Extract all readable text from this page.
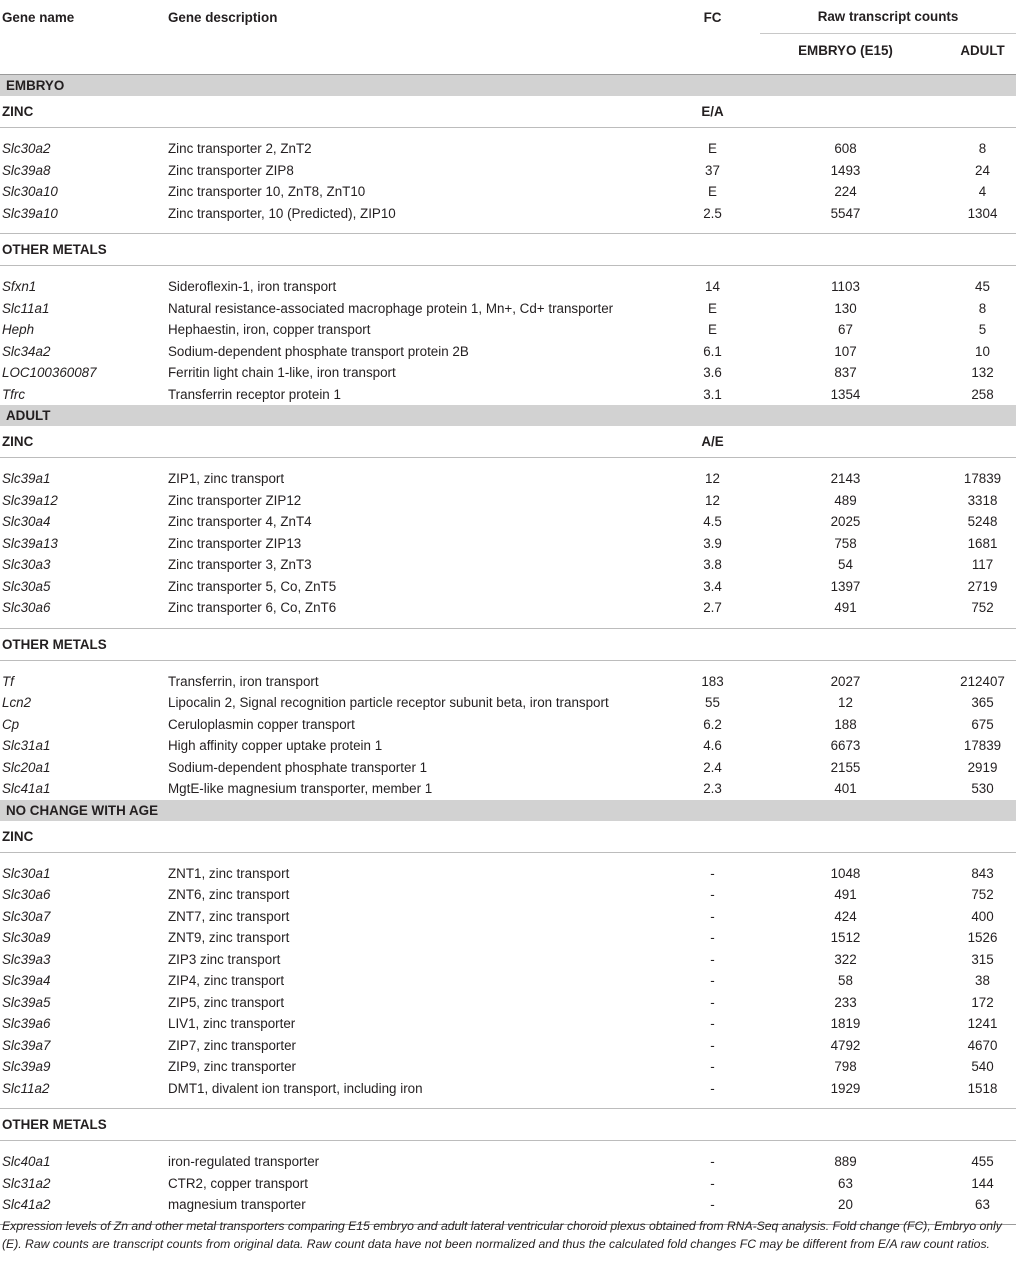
Gene name	Gene description	FC	Raw transcript counts	
			EMBRYO (E15)	ADULT

EMBRYO				
ZINC		E/A		

Slc30a2	Zinc transporter 2, ZnT2	E	608	8
Slc39a8	Zinc transporter ZIP8	37	1493	24
Slc30a10	Zinc transporter 10, ZnT8, ZnT10	E	224	4
Slc39a10	Zinc transporter, 10 (Predicted), ZIP10	2.5	5547	1304

OTHER METALS				

Sfxn1	Sideroflexin-1, iron transport	14	1103	45
Slc11a1	Natural resistance-associated macrophage protein 1, Mn+, Cd+ transporter	E	130	8
Heph	Hephaestin, iron, copper transport	E	67	5
Slc34a2	Sodium-dependent phosphate transport protein 2B	6.1	107	10
LOC100360087	Ferritin light chain 1-like, iron transport	3.6	837	132
Tfrc	Transferrin receptor protein 1	3.1	1354	258
ADULT				
ZINC		A/E		

Slc39a1	ZIP1, zinc transport	12	2143	17839
Slc39a12	Zinc transporter ZIP12	12	489	3318
Slc30a4	Zinc transporter 4, ZnT4	4.5	2025	5248
Slc39a13	Zinc transporter ZIP13	3.9	758	1681
Slc30a3	Zinc transporter 3, ZnT3	3.8	54	117
Slc30a5	Zinc transporter 5, Co, ZnT5	3.4	1397	2719
Slc30a6	Zinc transporter 6, Co, ZnT6	2.7	491	752

OTHER METALS				

Tf	Transferrin, iron transport	183	2027	212407
Lcn2	Lipocalin 2, Signal recognition particle receptor subunit beta, iron transport	55	12	365
Cp	Ceruloplasmin copper transport	6.2	188	675
Slc31a1	High affinity copper uptake protein 1	4.6	6673	17839
Slc20a1	Sodium-dependent phosphate transporter 1	2.4	2155	2919
Slc41a1	MgtE-like magnesium transporter, member 1	2.3	401	530
NO CHANGE WITH AGE				
ZINC				

Slc30a1	ZNT1, zinc transport	-	1048	843
Slc30a6	ZNT6, zinc transport	-	491	752
Slc30a7	ZNT7, zinc transport	-	424	400
Slc30a9	ZNT9, zinc transport	-	1512	1526
Slc39a3	ZIP3 zinc transport	-	322	315
Slc39a4	ZIP4, zinc transport	-	58	38
Slc39a5	ZIP5, zinc transport	-	233	172
Slc39a6	LIV1, zinc transporter	-	1819	1241
Slc39a7	ZIP7, zinc transporter	-	4792	4670
Slc39a9	ZIP9, zinc transporter	-	798	540
Slc11a2	DMT1, divalent ion transport, including iron	-	1929	1518

OTHER METALS				

Slc40a1	iron-regulated transporter	-	889	455
Slc31a2	CTR2, copper transport	-	63	144
Slc41a2	magnesium transporter	-	20	63

Expression levels of Zn and other metal transporters comparing E15 embryo and adult lateral ventricular choroid plexus obtained from RNA-Seq analysis. Fold change (FC), Embryo only (E). Raw counts are transcript counts from original data. Raw count data have not been normalized and thus the calculated fold changes FC may be different from E/A raw count ratios.
